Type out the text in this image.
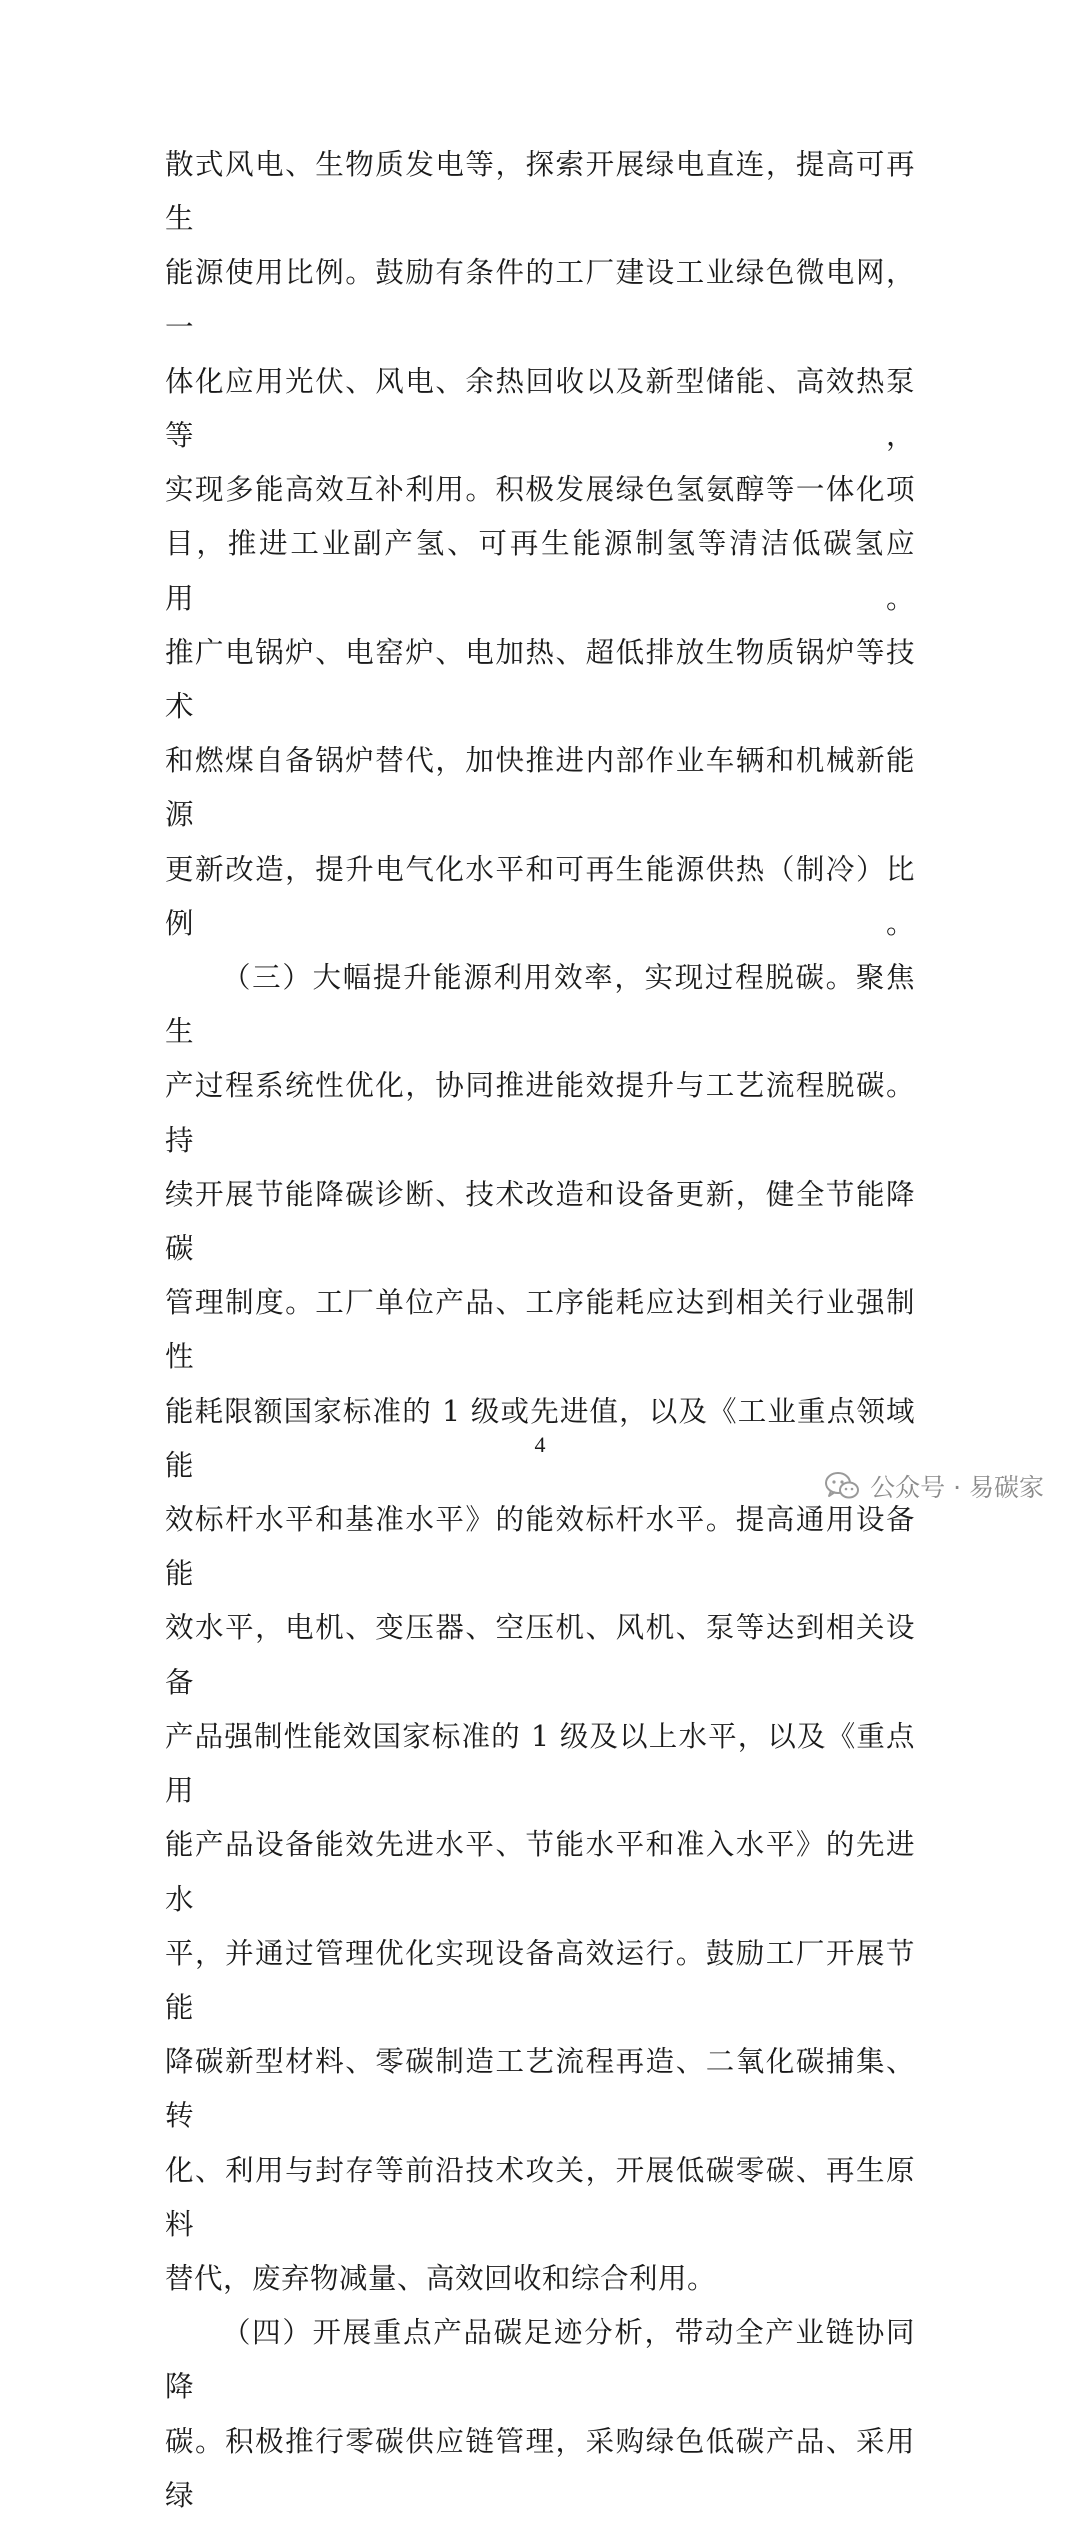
散式风电、生物质发电等，探索开展绿电直连，提高可再生

能源使用比例。鼓励有条件的工厂建设工业绿色微电网，一

体化应用光伏、风电、余热回收以及新型储能、高效热泵等，

实现多能高效互补利用。积极发展绿色氢氨醇等一体化项

目，推进工业副产氢、可再生能源制氢等清洁低碳氢应用。

推广电锅炉、电窑炉、电加热、超低排放生物质锅炉等技术

和燃煤自备锅炉替代，加快推进内部作业车辆和机械新能源

更新改造，提升电气化水平和可再生能源供热（制冷）比例。

（三）大幅提升能源利用效率，实现过程脱碳。聚焦生

产过程系统性优化，协同推进能效提升与工艺流程脱碳。持

续开展节能降碳诊断、技术改造和设备更新，健全节能降碳

管理制度。工厂单位产品、工序能耗应达到相关行业强制性

能耗限额国家标准的 1 级或先进值，以及《工业重点领域能

效标杆水平和基准水平》的能效标杆水平。提高通用设备能

效水平，电机、变压器、空压机、风机、泵等达到相关设备

产品强制性能效国家标准的 1 级及以上水平，以及《重点用

能产品设备能效先进水平、节能水平和准入水平》的先进水

平，并通过管理优化实现设备高效运行。鼓励工厂开展节能

降碳新型材料、零碳制造工艺流程再造、二氧化碳捕集、转

化、利用与封存等前沿技术攻关，开展低碳零碳、再生原料

替代，废弃物减量、高效回收和综合利用。

（四）开展重点产品碳足迹分析，带动全产业链协同降

碳。积极推行零碳供应链管理，采购绿色低碳产品、采用绿

4
公众号 · 易碳家
